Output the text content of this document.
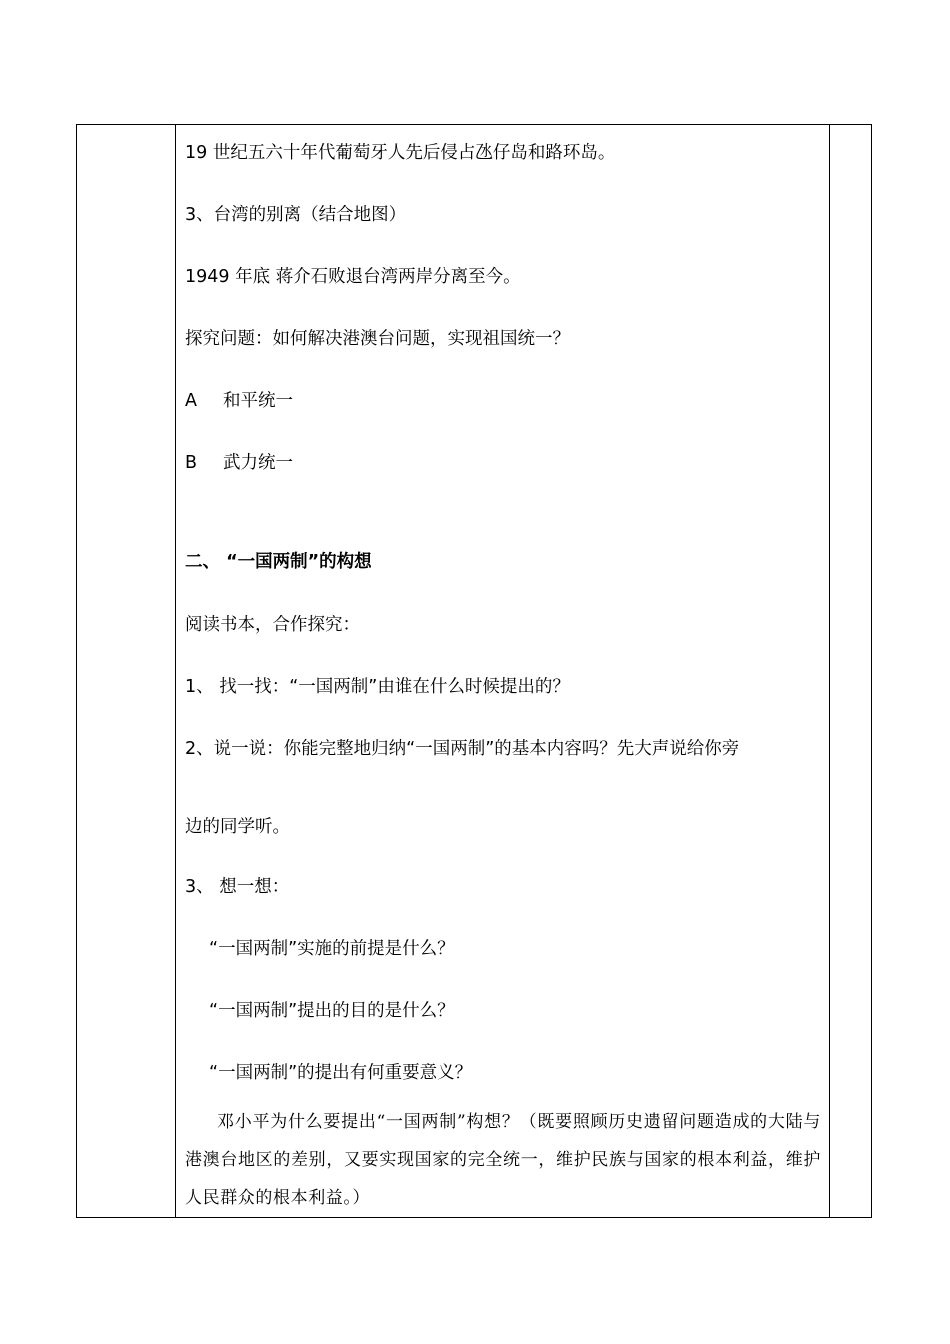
19 世纪五六十年代葡萄牙人先后侵占氹仔岛和路环岛。
3、台湾的别离（结合地图）
1949 年底 蒋介石败退台湾两岸分离至今。
探究问题：如何解决港澳台问题，实现祖国统一？
A 和平统一
B 武力统一
二、 “一国两制”的构想
阅读书本，合作探究：
1、 找一找：“一国两制”由谁在什么时候提出的？
2、说一说：你能完整地归纳“一国两制”的基本内容吗？先大声说给你旁
边的同学听。
3、 想一想：
“一国两制”实施的前提是什么？
“一国两制”提出的目的是什么？
“一国两制”的提出有何重要意义？
邓小平为什么要提出“一国两制”构想？（既要照顾历史遗留问题造成的大陆与港澳台地区的差别，又要实现国家的完全统一，维护民族与国家的根本利益，维护人民群众的根本利益。）
